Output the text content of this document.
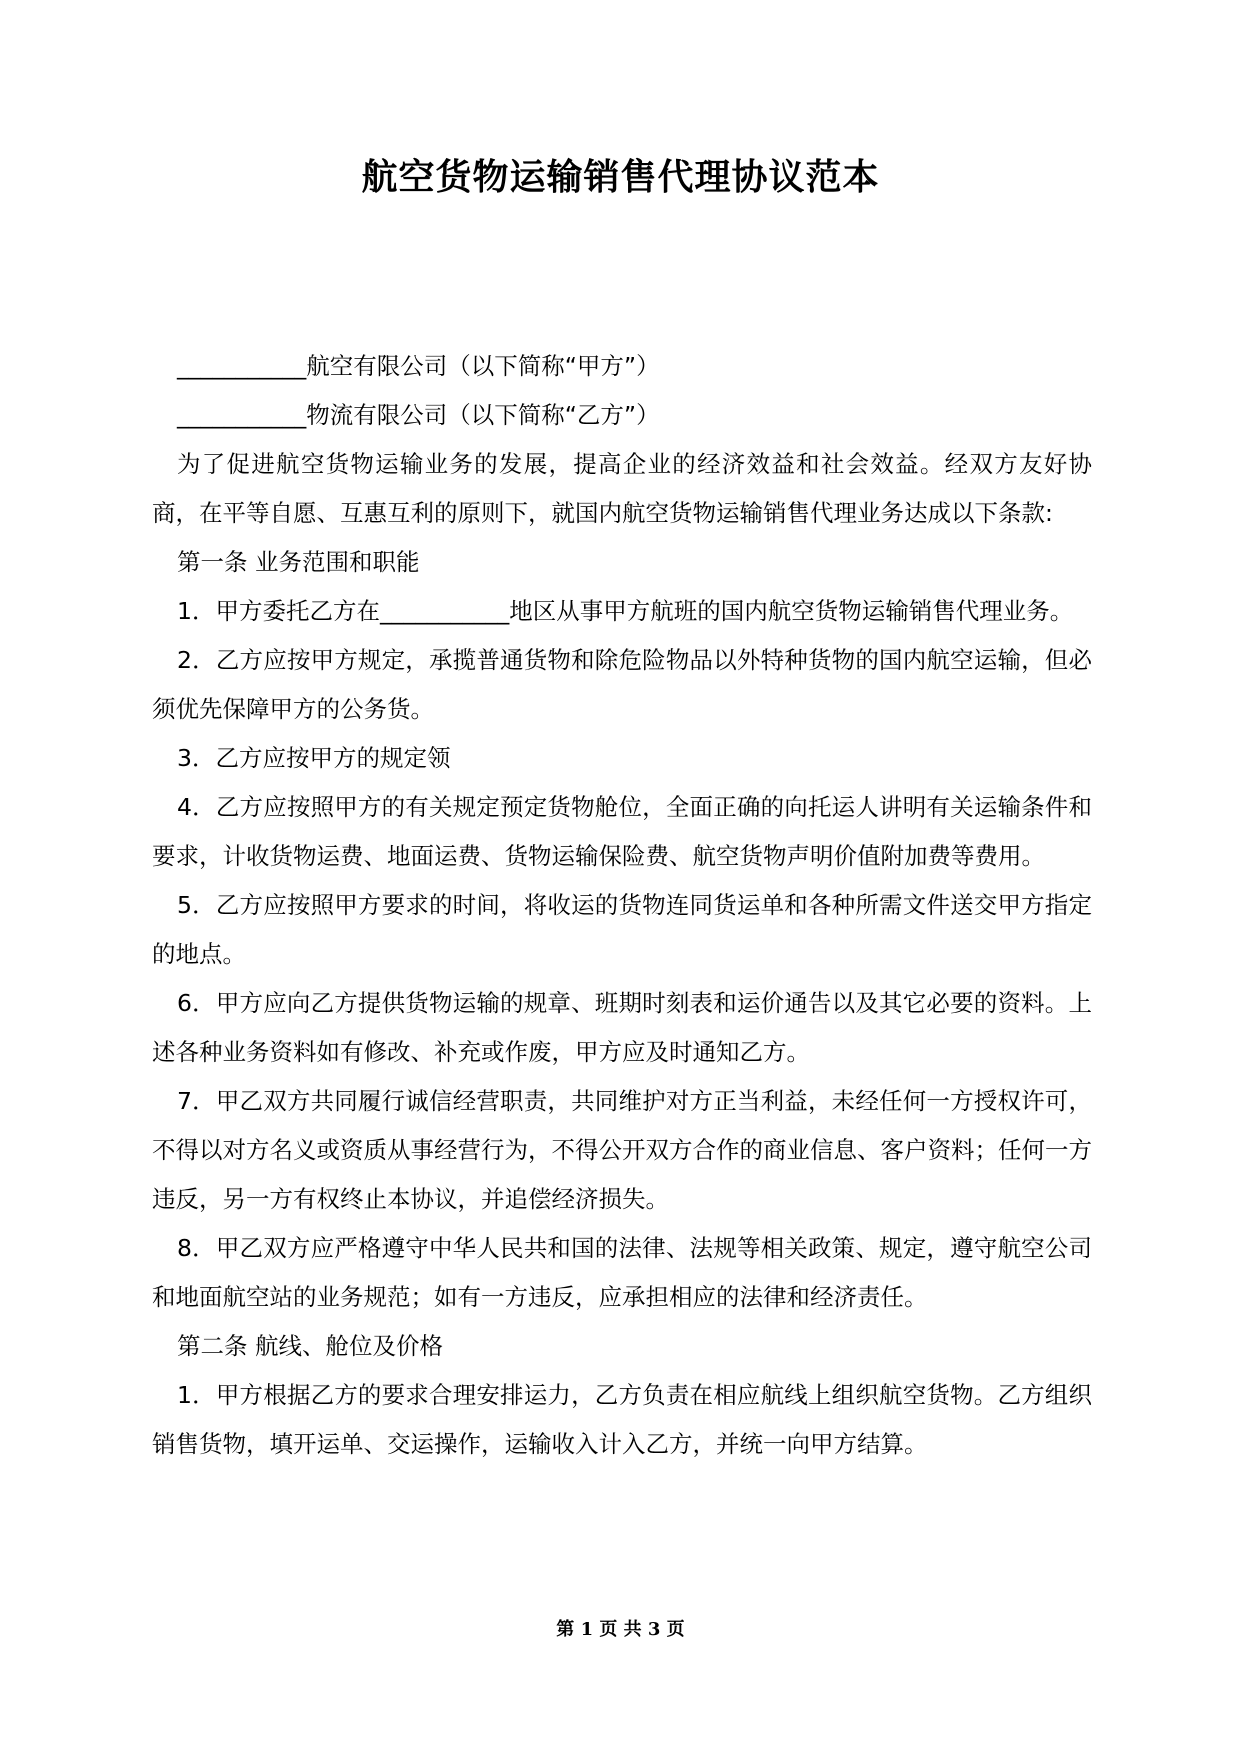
航空货物运输销售代理协议范本

___________航空有限公司（以下简称“甲方”）

___________物流有限公司（以下简称“乙方”）

为了促进航空货物运输业务的发展，提高企业的经济效益和社会效益。经双方友好协商，在平等自愿、互惠互利的原则下，就国内航空货物运输销售代理业务达成以下条款:

第一条 业务范围和职能

1．甲方委托乙方在___________地区从事甲方航班的国内航空货物运输销售代理业务。

2．乙方应按甲方规定，承揽普通货物和除危险物品以外特种货物的国内航空运输，但必须优先保障甲方的公务货。

3．乙方应按甲方的规定领

4．乙方应按照甲方的有关规定预定货物舱位，全面正确的向托运人讲明有关运输条件和要求，计收货物运费、地面运费、货物运输保险费、航空货物声明价值附加费等费用。

5．乙方应按照甲方要求的时间，将收运的货物连同货运单和各种所需文件送交甲方指定的地点。

6．甲方应向乙方提供货物运输的规章、班期时刻表和运价通告以及其它必要的资料。上述各种业务资料如有修改、补充或作废，甲方应及时通知乙方。

7．甲乙双方共同履行诚信经营职责，共同维护对方正当利益，未经任何一方授权许可，不得以对方名义或资质从事经营行为，不得公开双方合作的商业信息、客户资料；任何一方违反，另一方有权终止本协议，并追偿经济损失。

8．甲乙双方应严格遵守中华人民共和国的法律、法规等相关政策、规定，遵守航空公司和地面航空站的业务规范；如有一方违反，应承担相应的法律和经济责任。

第二条 航线、舱位及价格

1．甲方根据乙方的要求合理安排运力，乙方负责在相应航线上组织航空货物。乙方组织销售货物，填开运单、交运操作，运输收入计入乙方，并统一向甲方结算。

第 1 页 共 3 页
